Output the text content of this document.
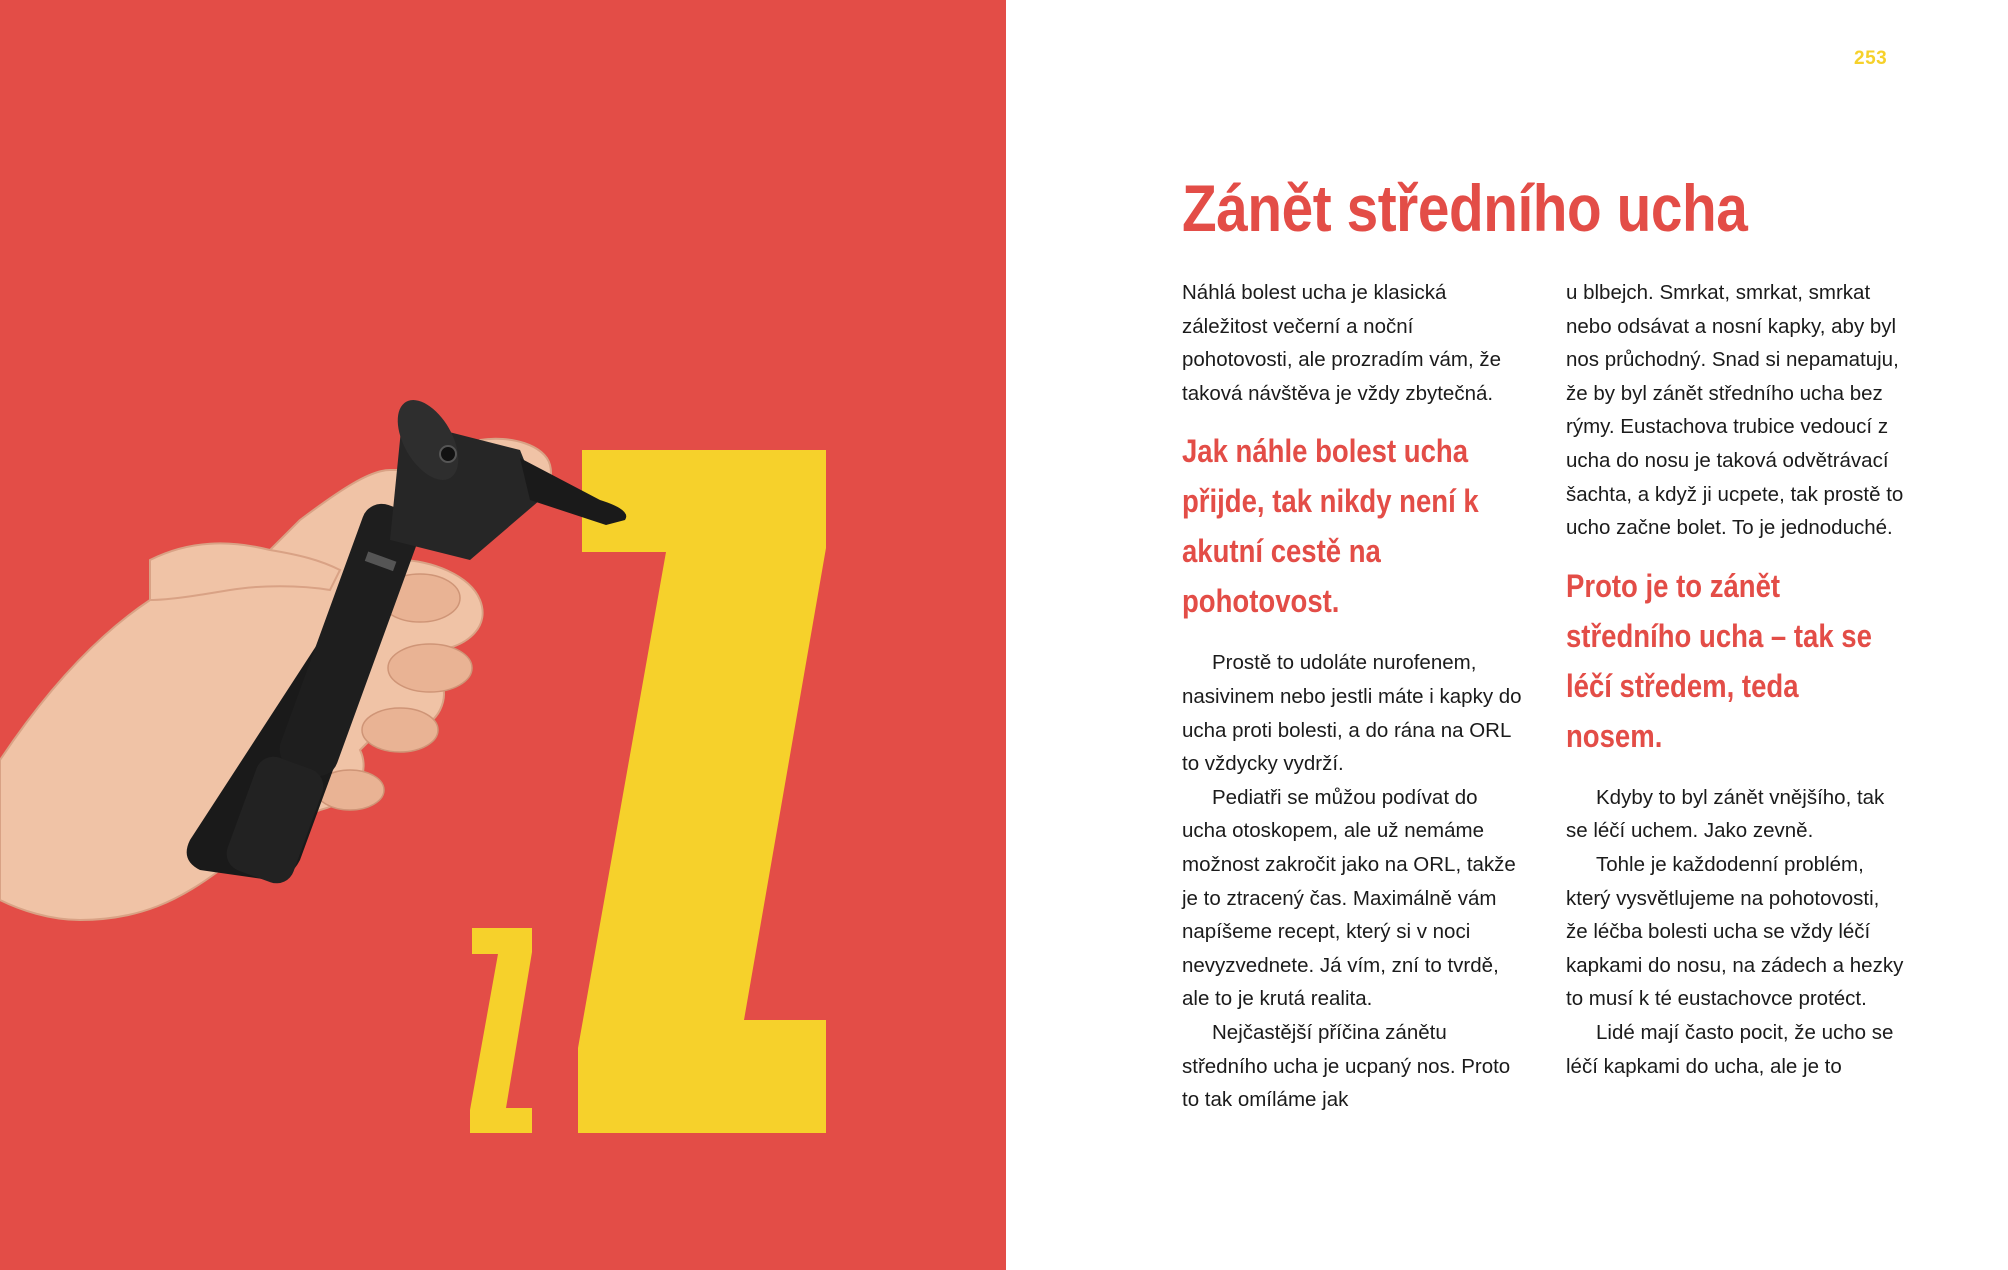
253
Zánět středního ucha

Náhlá bolest ucha je klasická záležitost večerní a noční pohotovosti, ale prozradím vám, že taková návštěva je vždy zbytečná.

Jak náhle bolest ucha přijde, tak nikdy není k akutní cestě na pohotovost.

Prostě to udoláte nurofenem, nasivinem nebo jestli máte i kapky do ucha proti bolesti, a do rána na ORL to vždycky vydrží.

Pediatři se můžou podívat do ucha otoskopem, ale už nemáme možnost zakročit jako na ORL, takže je to ztracený čas. Maximálně vám napíšeme recept, který si v noci nevyzvednete. Já vím, zní to tvrdě, ale to je krutá realita.

Nejčastější příčina zánětu středního ucha je ucpaný nos. Proto to tak omíláme jak

u blbejch. Smrkat, smrkat, smrkat nebo odsávat a nosní kapky, aby byl nos průchodný. Snad si nepamatuju, že by byl zánět středního ucha bez rýmy. Eustachova trubice vedoucí z ucha do nosu je taková odvětrávací šachta, a když ji ucpete, tak prostě to ucho začne bolet. To je jednoduché.

Proto je to zánět středního ucha – tak se léčí středem, teda nosem.

Kdyby to byl zánět vnějšího, tak se léčí uchem. Jako zevně.

Tohle je každodenní problém, který vysvětlujeme na pohotovosti, že léčba bolesti ucha se vždy léčí kapkami do nosu, na zádech a hezky to musí k té eustachovce protéct.

Lidé mají často pocit, že ucho se léčí kapkami do ucha, ale je to
